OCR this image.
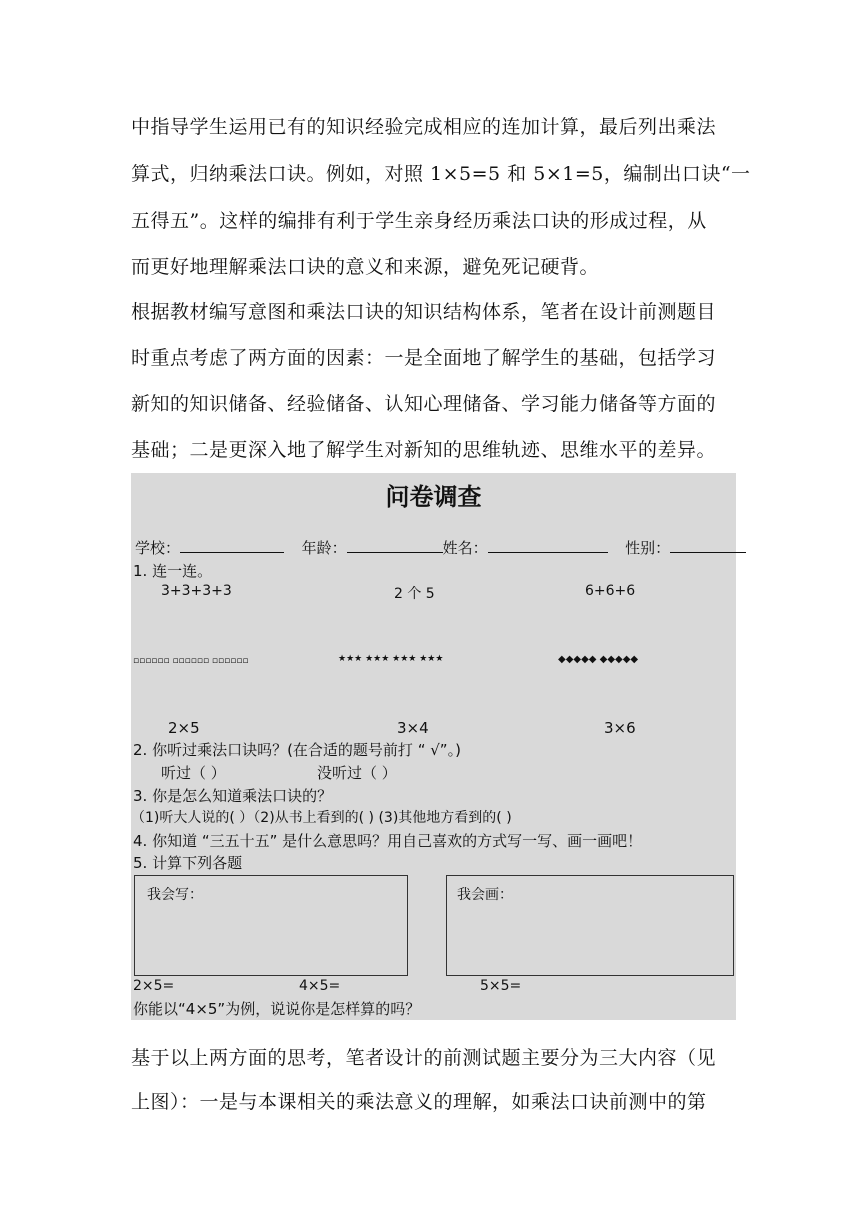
中指导学生运用已有的知识经验完成相应的连加计算，最后列出乘法
算式，归纳乘法口诀。例如，对照 1×5=5 和 5×1=5，编制出口诀“一
五得五”。这样的编排有利于学生亲身经历乘法口诀的形成过程，从
而更好地理解乘法口诀的意义和来源，避免死记硬背。
根据教材编写意图和乘法口诀的知识结构体系，笔者在设计前测题目
时重点考虑了两方面的因素：一是全面地了解学生的基础，包括学习
新知的知识储备、经验储备、认知心理储备、学习能力储备等方面的
基础；二是更深入地了解学生对新知的思维轨迹、思维水平的差异。
问卷调查
学校：	年龄：	姓名：	性别：
1. 连一连。
3+3+3+3	2 个 5	6+6+6
▫▫▫▫▫▫ ▫▫▫▫▫▫ ▫▫▫▫▫▫	★★★ ★★★ ★★★ ★★★	◆◆◆◆◆ ◆◆◆◆◆
2×5	3×4	3×6
2. 你听过乘法口诀吗？(在合适的题号前打 “ √”。)
听过（ ）	没听过（ ）
3. 你是怎么知道乘法口诀的？
（1)听大人说的( ）（2)从书上看到的( ) (3)其他地方看到的( )
4. 你知道 “三五十五” 是什么意思吗？用自己喜欢的方式写一写、画一画吧！
5. 计算下列各题
我会写：	我会画：
2×5=	4×5=	5×5=
你能以“4×5”为例，说说你是怎样算的吗？
基于以上两方面的思考，笔者设计的前测试题主要分为三大内容（见
上图）：一是与本课相关的乘法意义的理解，如乘法口诀前测中的第
